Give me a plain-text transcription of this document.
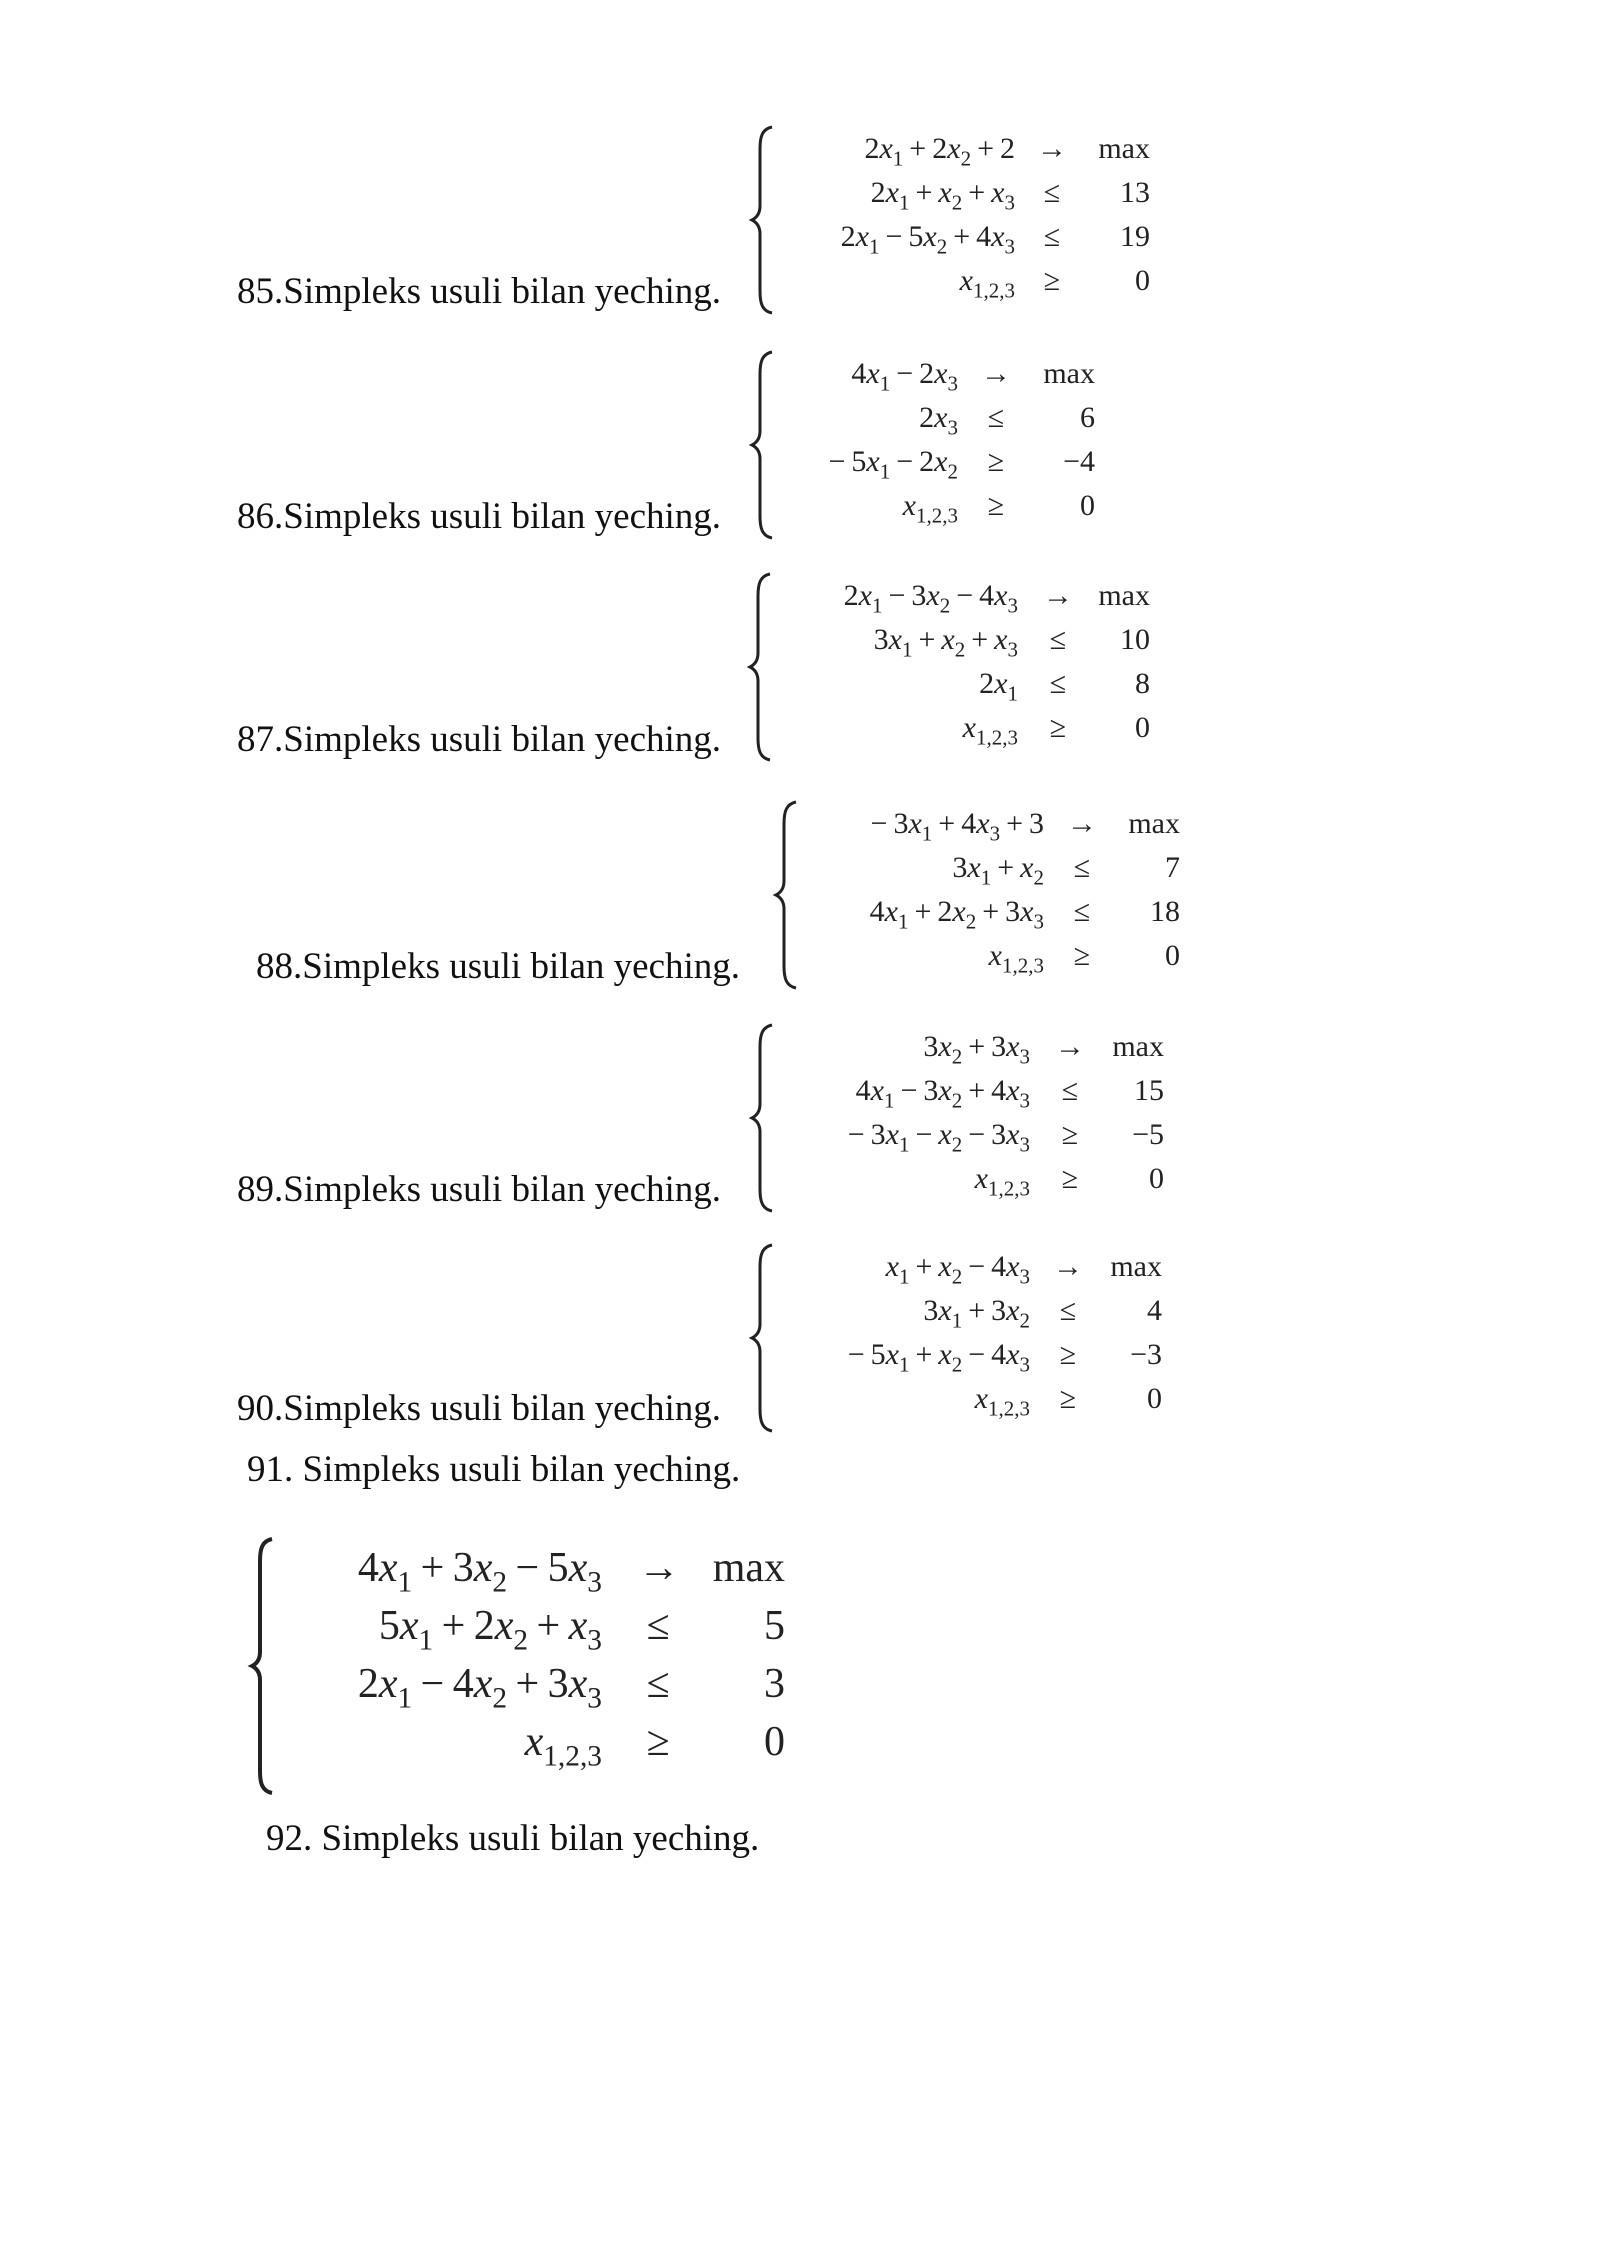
85.Simpleks usuli bilan yeching.
$2x_1 + 2x_2 + 2$ →	max
$2x_1 + x_2 + x_3$ ≤	13
$2x_1 - 5x_2 + 4x_3$ ≤	19
$x_{1,2,3}$ ≥	0
86.Simpleks usuli bilan yeching.
$4x_1 - 2x_3$ →	max
$2x_3$ ≤	6
 − $5x_1 - 2x_2$ ≥	−4
$x_{1,2,3}$ ≥	0
87.Simpleks usuli bilan yeching.
$2x_1 - 3x_2 - 4x_3 \to \max$
$3x_1 + x_2 + x_3$	≤	10
$2x_1$	≤	8
$x_{1,2,3}$	≥	0
88.Simpleks usuli bilan yeching.
 − $3x_1 + 4x_3 + 3$ →	max
$3x_1 + x_2$ ≤	7
$4x_1 + 2x_2 + 3x_3$ ≤	18
$x_{1,2,3}$ ≥	0
89.Simpleks usuli bilan yeching.
$3x_2 + 3x_3 \to \max$
$4x_1 - 3x_2 + 4x_3$	≤	15
 − $3x_1 - x_2 - 3x_3$	≥	−5
$x_{1,2,3}$	≥	0
90.Simpleks usuli bilan yeching.
$x_1 + x_2 - 4x_3 \to \max$
$3x_1 + 3x_2$ ≤	4
 − $5x_1 + x_2 - 4x_3$ ≥	−3
$x_{1,2,3}$ ≥	0
91. Simpleks usuli bilan yeching.
$4x_1 + 3x_2 - 5x_3 \to \max$
$5x_1 + 2x_2 + x_3$ ≤	5
$2x_1 - 4x_2 + 3x_3$ ≤	3
$x_{1,2,3}$ ≥	0
92. Simpleks usuli bilan yeching.
